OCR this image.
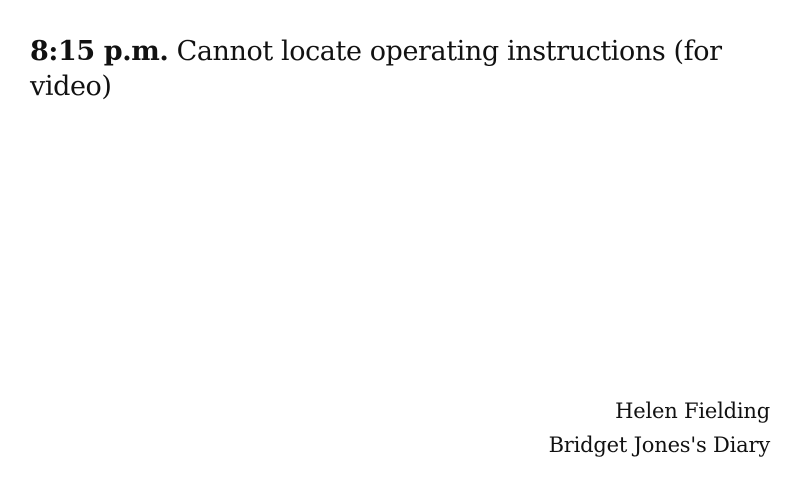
8:15 p.m. Cannot locate operating instructions (for video)
Helen Fielding
Bridget Jones's Diary
